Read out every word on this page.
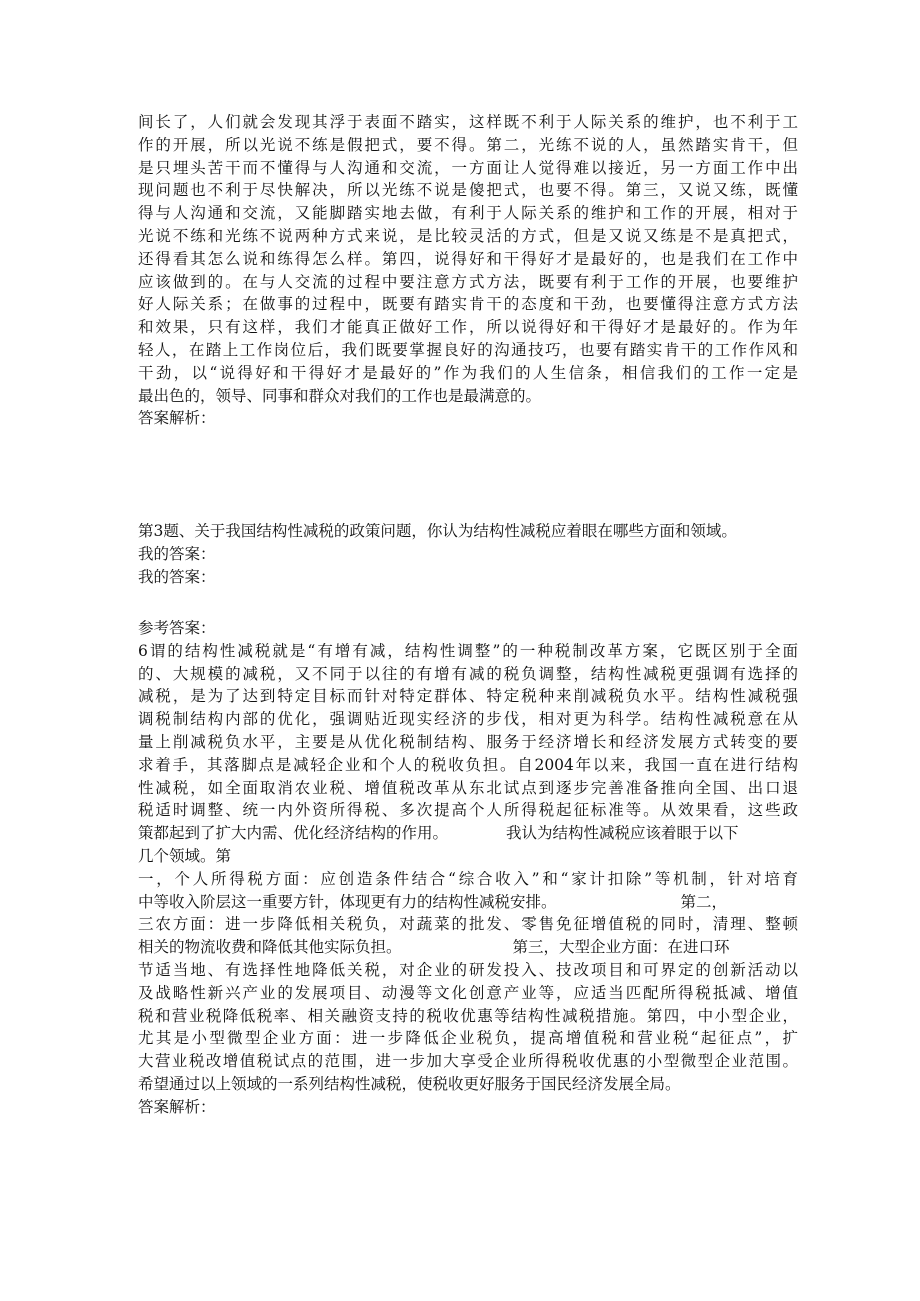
间长了，人们就会发现其浮于表面不踏实，这样既不利于人际关系的维护，也不利于工
作的开展，所以光说不练是假把式，要不得。第二，光练不说的人，虽然踏实肯干，但
是只埋头苦干而不懂得与人沟通和交流，一方面让人觉得难以接近，另一方面工作中出
现问题也不利于尽快解决，所以光练不说是傻把式，也要不得。第三，又说又练，既懂
得与人沟通和交流，又能脚踏实地去做，有利于人际关系的维护和工作的开展，相对于
光说不练和光练不说两种方式来说，是比较灵活的方式，但是又说又练是不是真把式，
还得看其怎么说和练得怎么样。第四，说得好和干得好才是最好的，也是我们在工作中
应该做到的。在与人交流的过程中要注意方式方法，既要有利于工作的开展，也要维护
好人际关系；在做事的过程中，既要有踏实肯干的态度和干劲，也要懂得注意方式方法
和效果，只有这样，我们才能真正做好工作，所以说得好和干得好才是最好的。作为年
轻人，在踏上工作岗位后，我们既要掌握良好的沟通技巧，也要有踏实肯干的工作作风和
干劲，以“说得好和干得好才是最好的”作为我们的人生信条，相信我们的工作一定是
最出色的，领导、同事和群众对我们的工作也是最满意的。
答案解析：
第3题、关于我国结构性减税的政策问题，你认为结构性减税应着眼在哪些方面和领域。
我的答案：
我的答案：
参考答案：
6谓的结构性减税就是“有增有减，结构性调整”的一种税制改革方案，它既区别于全面
的、大规模的减税，又不同于以往的有增有减的税负调整，结构性减税更强调有选择的
减税，是为了达到特定目标而针对特定群体、特定税种来削减税负水平。结构性减税强
调税制结构内部的优化，强调贴近现实经济的步伐，相对更为科学。结构性减税意在从
量上削减税负水平，主要是从优化税制结构、服务于经济增长和经济发展方式转变的要
求着手，其落脚点是减轻企业和个人的税收负担。自2004年以来，我国一直在进行结构
性减税，如全面取消农业税、增值税改革从东北试点到逐步完善准备推向全国、出口退
税适时调整、统一内外资所得税、多次提高个人所得税起征标准等。从效果看，这些政
策都起到了扩大内需、优化经济结构的作用。	我认为结构性减税应该着眼于以下
几个领域。第
一，个人所得税方面：应创造条件结合“综合收入”和“家计扣除”等机制，针对培育
中等收入阶层这一重要方针，体现更有力的结构性减税安排。	第二，
三农方面：进一步降低相关税负，对蔬菜的批发、零售免征增值税的同时，清理、整顿
相关的物流收费和降低其他实际负担。	第三，大型企业方面：在进口环
节适当地、有选择性地降低关税，对企业的研发投入、技改项目和可界定的创新活动以
及战略性新兴产业的发展项目、动漫等文化创意产业等，应适当匹配所得税抵减、增值
税和营业税降低税率、相关融资支持的税收优惠等结构性减税措施。第四，中小型企业，
尤其是小型微型企业方面：进一步降低企业税负，提高增值税和营业税“起征点”，扩
大营业税改增值税试点的范围，进一步加大享受企业所得税收优惠的小型微型企业范围。
希望通过以上领域的一系列结构性减税，使税收更好服务于国民经济发展全局。
答案解析：
